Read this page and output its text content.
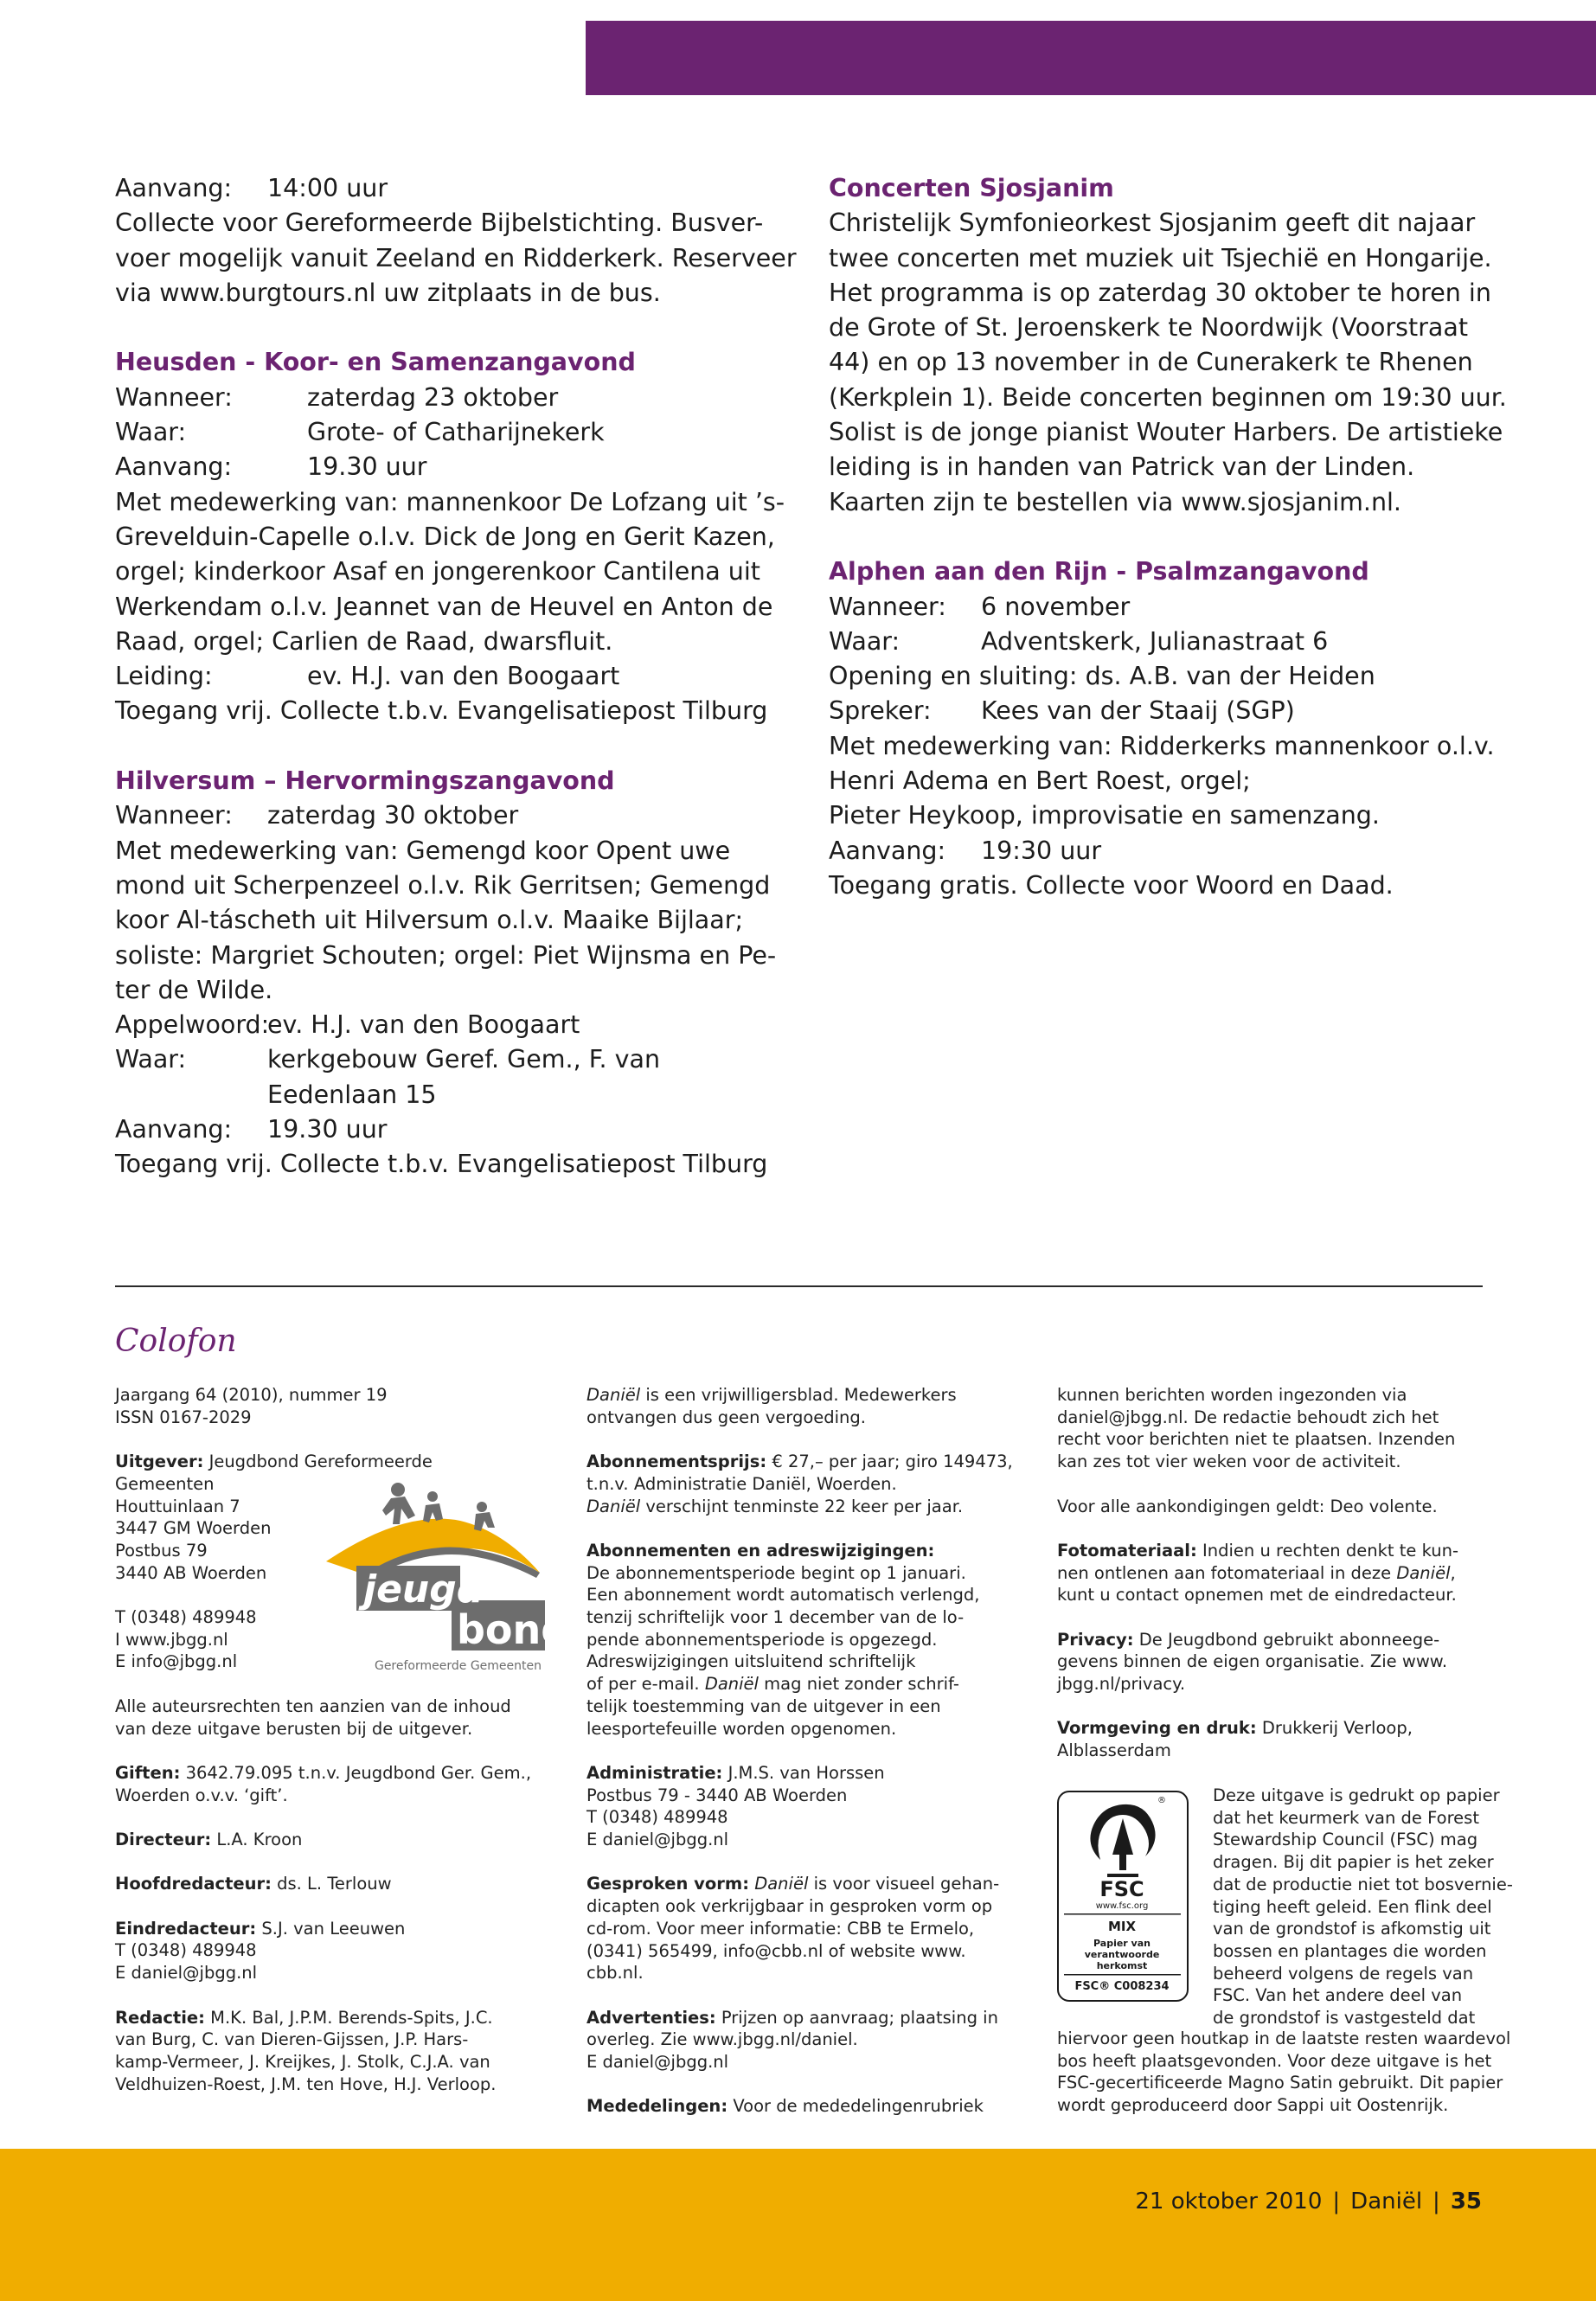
Aanvang: 14:00 uur
Collecte voor Gereformeerde Bijbelstichting. Busver-
voer mogelijk vanuit Zeeland en Ridderkerk. Reserveer
via www.burgtours.nl uw zitplaats in de bus.
Heusden - Koor- en Samenzangavond
Wanneer:	zaterdag 23 oktober
Waar:	Grote- of Catharijnekerk
Aanvang:	19.30 uur
Met medewerking van: mannenkoor De Lofzang uit ’s-
Grevelduin-Capelle o.l.v. Dick de Jong en Gerit Kazen,
orgel; kinderkoor Asaf en jongerenkoor Cantilena uit
Werkendam o.l.v. Jeannet van de Heuvel en Anton de
Raad, orgel; Carlien de Raad, dwarsfluit.
Leiding:	ev. H.J. van den Boogaart
Toegang vrij. Collecte t.b.v. Evangelisatiepost Tilburg
Hilversum – Hervormingszangavond
Wanneer: zaterdag 30 oktober
Met medewerking van: Gemengd koor Opent uwe
mond uit Scherpenzeel o.l.v. Rik Gerritsen; Gemengd
koor Al-táscheth uit Hilversum o.l.v. Maaike Bijlaar;
soliste: Margriet Schouten; orgel: Piet Wijnsma en Pe-
ter de Wilde.
Appelwoord:ev. H.J. van den Boogaart
Waar:	kerkgebouw Geref. Gem., F. van
Eedenlaan 15
Aanvang: 19.30 uur
Toegang vrij. Collecte t.b.v. Evangelisatiepost Tilburg
Concerten Sjosjanim
Christelijk Symfonieorkest Sjosjanim geeft dit najaar
twee concerten met muziek uit Tsjechië en Hongarije.
Het programma is op zaterdag 30 oktober te horen in
de Grote of St. Jeroenskerk te Noordwijk (Voorstraat
44) en op 13 november in de Cunerakerk te Rhenen
(Kerkplein 1). Beide concerten beginnen om 19:30 uur.
Solist is de jonge pianist Wouter Harbers. De artistieke
leiding is in handen van Patrick van der Linden.
Kaarten zijn te bestellen via www.sjosjanim.nl.
Alphen aan den Rijn - Psalmzangavond
Wanneer: 6 november
Waar:	Adventskerk, Julianastraat 6
Opening en sluiting: ds. A.B. van der Heiden
Spreker: Kees van der Staaij (SGP)
Met medewerking van: Ridderkerks mannenkoor o.l.v.
Henri Adema en Bert Roest, orgel;
Pieter Heykoop, improvisatie en samenzang.
Aanvang: 19:30 uur
Toegang gratis. Collecte voor Woord en Daad.
Colofon
Jaargang 64 (2010), nummer 19
ISSN 0167-2029
Uitgever: Jeugdbond Gereformeerde
Gemeenten
Houttuinlaan 7
3447 GM Woerden
Postbus 79
3440 AB Woerden
T (0348) 489948
I www.jbgg.nl
E info@jbgg.nl
Alle auteursrechten ten aanzien van de inhoud
van deze uitgave berusten bij de uitgever.
Giften: 3642.79.095 t.n.v. Jeugdbond Ger. Gem.,
Woerden o.v.v. ‘gift’.
Directeur: L.A. Kroon
Hoofdredacteur: ds. L. Terlouw
Eindredacteur: S.J. van Leeuwen
T (0348) 489948
E daniel@jbgg.nl
Redactie: M.K. Bal, J.P.M. Berends-Spits, J.C.
van Burg, C. van Dieren-Gijssen, J.P. Hars-
kamp-Vermeer, J. Kreijkes, J. Stolk, C.J.A. van
Veldhuizen-Roest, J.M. ten Hove, H.J. Verloop.
jeugd
bond
Gereformeerde Gemeenten
Daniël is een vrijwilligersblad. Medewerkers
ontvangen dus geen vergoeding.
Abonnementsprijs: € 27,– per jaar; giro 149473,
t.n.v. Administratie Daniël, Woerden.
Daniël verschijnt tenminste 22 keer per jaar.
Abonnementen en adreswijzigingen:
De abonnementsperiode begint op 1 januari.
Een abonnement wordt automatisch verlengd,
tenzij schriftelijk voor 1 december van de lo-
pende abonnementsperiode is opgezegd.
Adreswijzigingen uitsluitend schriftelijk
of per e-mail. Daniël mag niet zonder schrif-
telijk toestemming van de uitgever in een
leesportefeuille worden opgenomen.
Administratie: J.M.S. van Horssen
Postbus 79 - 3440 AB Woerden
T (0348) 489948
E daniel@jbgg.nl
Gesproken vorm: Daniël is voor visueel gehan-
dicapten ook verkrijgbaar in gesproken vorm op
cd-rom. Voor meer informatie: CBB te Ermelo,
(0341) 565499, info@cbb.nl of website www.
cbb.nl.
Advertenties: Prijzen op aanvraag; plaatsing in
overleg. Zie www.jbgg.nl/daniel.
E daniel@jbgg.nl
Mededelingen: Voor de mededelingenrubriek
kunnen berichten worden ingezonden via
daniel@jbgg.nl. De redactie behoudt zich het
recht voor berichten niet te plaatsen. Inzenden
kan zes tot vier weken voor de activiteit.
Voor alle aankondigingen geldt: Deo volente.
Fotomateriaal: Indien u rechten denkt te kun-
nen ontlenen aan fotomateriaal in deze Daniël,
kunt u contact opnemen met de eindredacteur.
Privacy: De Jeugdbond gebruikt abonneege-
gevens binnen de eigen organisatie. Zie www.
jbgg.nl/privacy.
Vormgeving en druk: Drukkerij Verloop,
Alblasserdam
®
FSC
www.fsc.org
MIX
Papier van
verantwoorde
herkomst
FSC® C008234
Deze uitgave is gedrukt op papier
dat het keurmerk van de Forest
Stewardship Council (FSC) mag
dragen. Bij dit papier is het zeker
dat de productie niet tot bosvernie-
tiging heeft geleid. Een flink deel
van de grondstof is afkomstig uit
bossen en plantages die worden
beheerd volgens de regels van
FSC. Van het andere deel van
de grondstof is vastgesteld dat
hiervoor geen houtkap in de laatste resten waardevol
bos heeft plaatsgevonden. Voor deze uitgave is het
FSC-gecertificeerde Magno Satin gebruikt. Dit papier
wordt geproduceerd door Sappi uit Oostenrijk.
21 oktober 2010 | Daniël | 35
